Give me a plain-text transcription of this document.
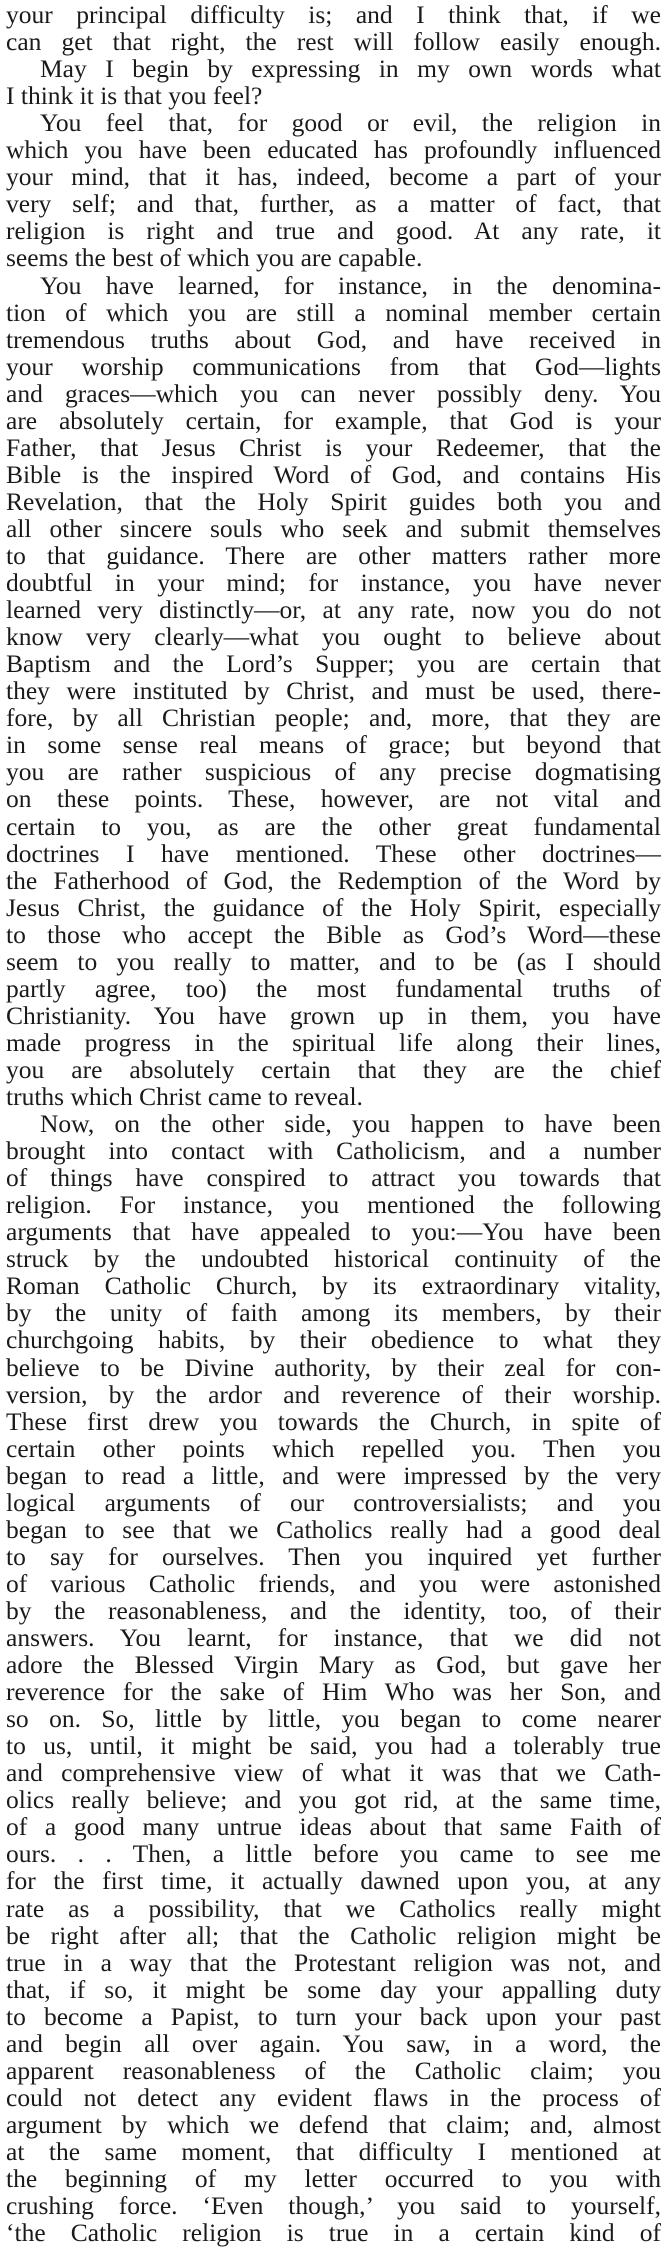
your principal difficulty is; and I think that, if we
can get that right, the rest will follow easily enough.
May I begin by expressing in my own words what
I think it is that you feel?
You feel that, for good or evil, the religion in
which you have been educated has profoundly influenced
your mind, that it has, indeed, become a part of your
very self; and that, further, as a matter of fact, that
religion is right and true and good. At any rate, it
seems the best of which you are capable.
You have learned, for instance, in the denomina-
tion of which you are still a nominal member certain
tremendous truths about God, and have received in
your worship communications from that God—lights
and graces—which you can never possibly deny. You
are absolutely certain, for example, that God is your
Father, that Jesus Christ is your Redeemer, that the
Bible is the inspired Word of God, and contains His
Revelation, that the Holy Spirit guides both you and
all other sincere souls who seek and submit themselves
to that guidance. There are other matters rather more
doubtful in your mind; for instance, you have never
learned very distinctly—or, at any rate, now you do not
know very clearly—what you ought to believe about
Baptism and the Lord’s Supper; you are certain that
they were instituted by Christ, and must be used, there-
fore, by all Christian people; and, more, that they are
in some sense real means of grace; but beyond that
you are rather suspicious of any precise dogmatising
on these points. These, however, are not vital and
certain to you, as are the other great fundamental
doctrines I have mentioned. These other doctrines—
the Fatherhood of God, the Redemption of the Word by
Jesus Christ, the guidance of the Holy Spirit, especially
to those who accept the Bible as God’s Word—these
seem to you really to matter, and to be (as I should
partly agree, too) the most fundamental truths of
Christianity. You have grown up in them, you have
made progress in the spiritual life along their lines,
you are absolutely certain that they are the chief
truths which Christ came to reveal.
Now, on the other side, you happen to have been
brought into contact with Catholicism, and a number
of things have conspired to attract you towards that
religion. For instance, you mentioned the following
arguments that have appealed to you:—You have been
struck by the undoubted historical continuity of the
Roman Catholic Church, by its extraordinary vitality,
by the unity of faith among its members, by their
churchgoing habits, by their obedience to what they
believe to be Divine authority, by their zeal for con-
version, by the ardor and reverence of their worship.
These first drew you towards the Church, in spite of
certain other points which repelled you. Then you
began to read a little, and were impressed by the very
logical arguments of our controversialists; and you
began to see that we Catholics really had a good deal
to say for ourselves. Then you inquired yet further
of various Catholic friends, and you were astonished
by the reasonableness, and the identity, too, of their
answers. You learnt, for instance, that we did not
adore the Blessed Virgin Mary as God, but gave her
reverence for the sake of Him Who was her Son, and
so on. So, little by little, you began to come nearer
to us, until, it might be said, you had a tolerably true
and comprehensive view of what it was that we Cath-
olics really believe; and you got rid, at the same time,
of a good many untrue ideas about that same Faith of
ours. . . Then, a little before you came to see me
for the first time, it actually dawned upon you, at any
rate as a possibility, that we Catholics really might
be right after all; that the Catholic religion might be
true in a way that the Protestant religion was not, and
that, if so, it might be some day your appalling duty
to become a Papist, to turn your back upon your past
and begin all over again. You saw, in a word, the
apparent reasonableness of the Catholic claim; you
could not detect any evident flaws in the process of
argument by which we defend that claim; and, almost
at the same moment, that difficulty I mentioned at
the beginning of my letter occurred to you with
crushing force. ‘Even though,’ you said to yourself,
‘the Catholic religion is true in a certain kind of
